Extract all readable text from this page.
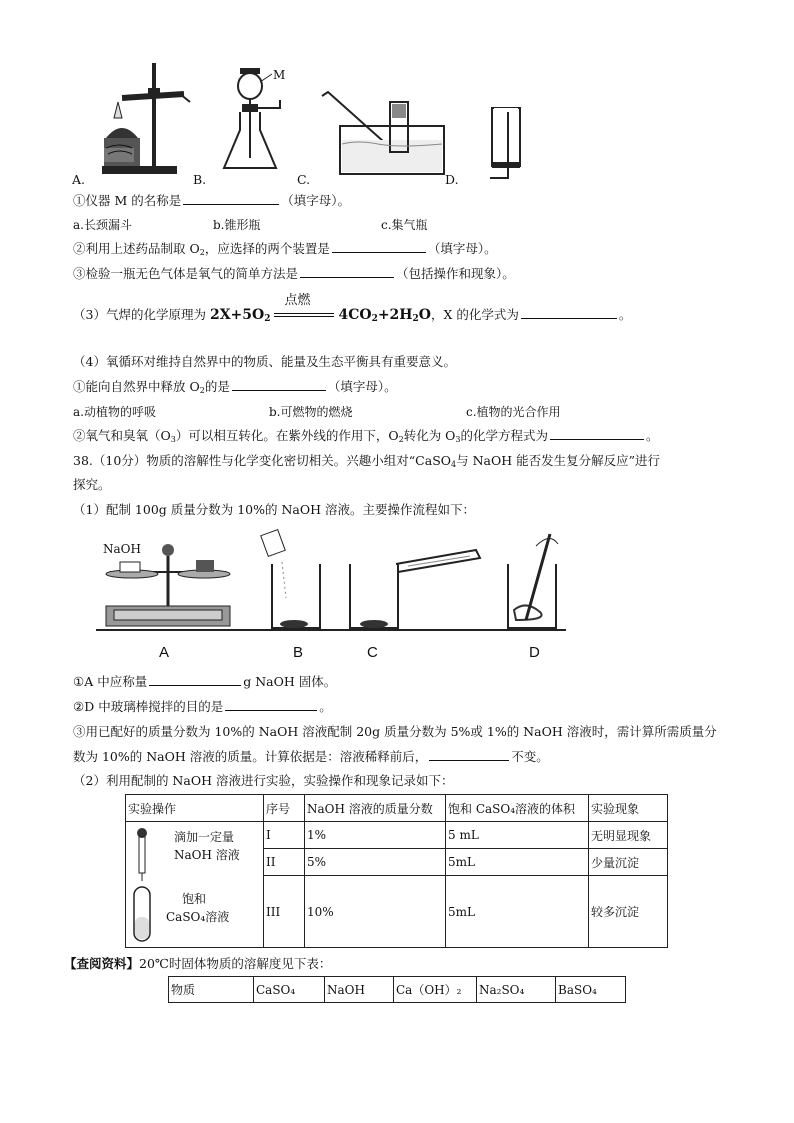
A.
M
B.	C.	D.
①仪器 M 的名称是	（填字母）。
a.长颈漏斗	b.锥形瓶	c.集气瓶
②利用上述药品制取 $O_2$，应选择的两个装置是	（填字母）。
③检验一瓶无色气体是氧气的简单方法是	（包括操作和现象）。
（3）气焊的化学原理为 $2X+5O_2$
点燃
$4CO_2+2H_2O$，X 的化学式为	。
（4）氧循环对维持自然界中的物质、能量及生态平衡具有重要意义。
①能向自然界中释放 $O_2$的是	（填字母）。
a.动植物的呼吸	b.可燃物的燃烧	c.植物的光合作用
②氧气和臭氧$(O_3)$可以相互转化。在紫外线的作用下，$O_2$转化为 $O_3$的化学方程式为	。
38.（10分）物质的溶解性与化学变化密切相关。兴趣小组对“CaSO$_4$与 NaOH 能否发生复分解反应”进行
探究。
（1）配制 100g 质量分数为 10%的 NaOH 溶液。主要操作流程如下：
NaOH
A	B	C	D
①A 中应称量	g NaOH 固体。
②D 中玻璃棒搅拌的目的是	。
③用已配好的质量分数为 10%的 NaOH 溶液配制 20g 质量分数为 5%或 1%的 NaOH 溶液时，需计算所需质量分
数为 10%的 NaOH 溶液的质量。计算依据是：溶液稀释前后，	不变。
（2）利用配制的 NaOH 溶液进行实验，实验操作和现象记录如下：
实验操作	序号	NaOH 溶液的质量分数	饱和 CaSO₄溶液的体积	实验现象

滴加一定量
NaOH 溶液
饱和
CaSO₄溶液	I	1%	5 mL	无明显现象
	II	5%	5mL	少量沉淀
	III	10%	5mL	较多沉淀
【查阅资料】20℃时固体物质的溶解度见下表：
物质	CaSO₄	NaOH	Ca（OH）₂	Na₂SO₄	BaSO₄
